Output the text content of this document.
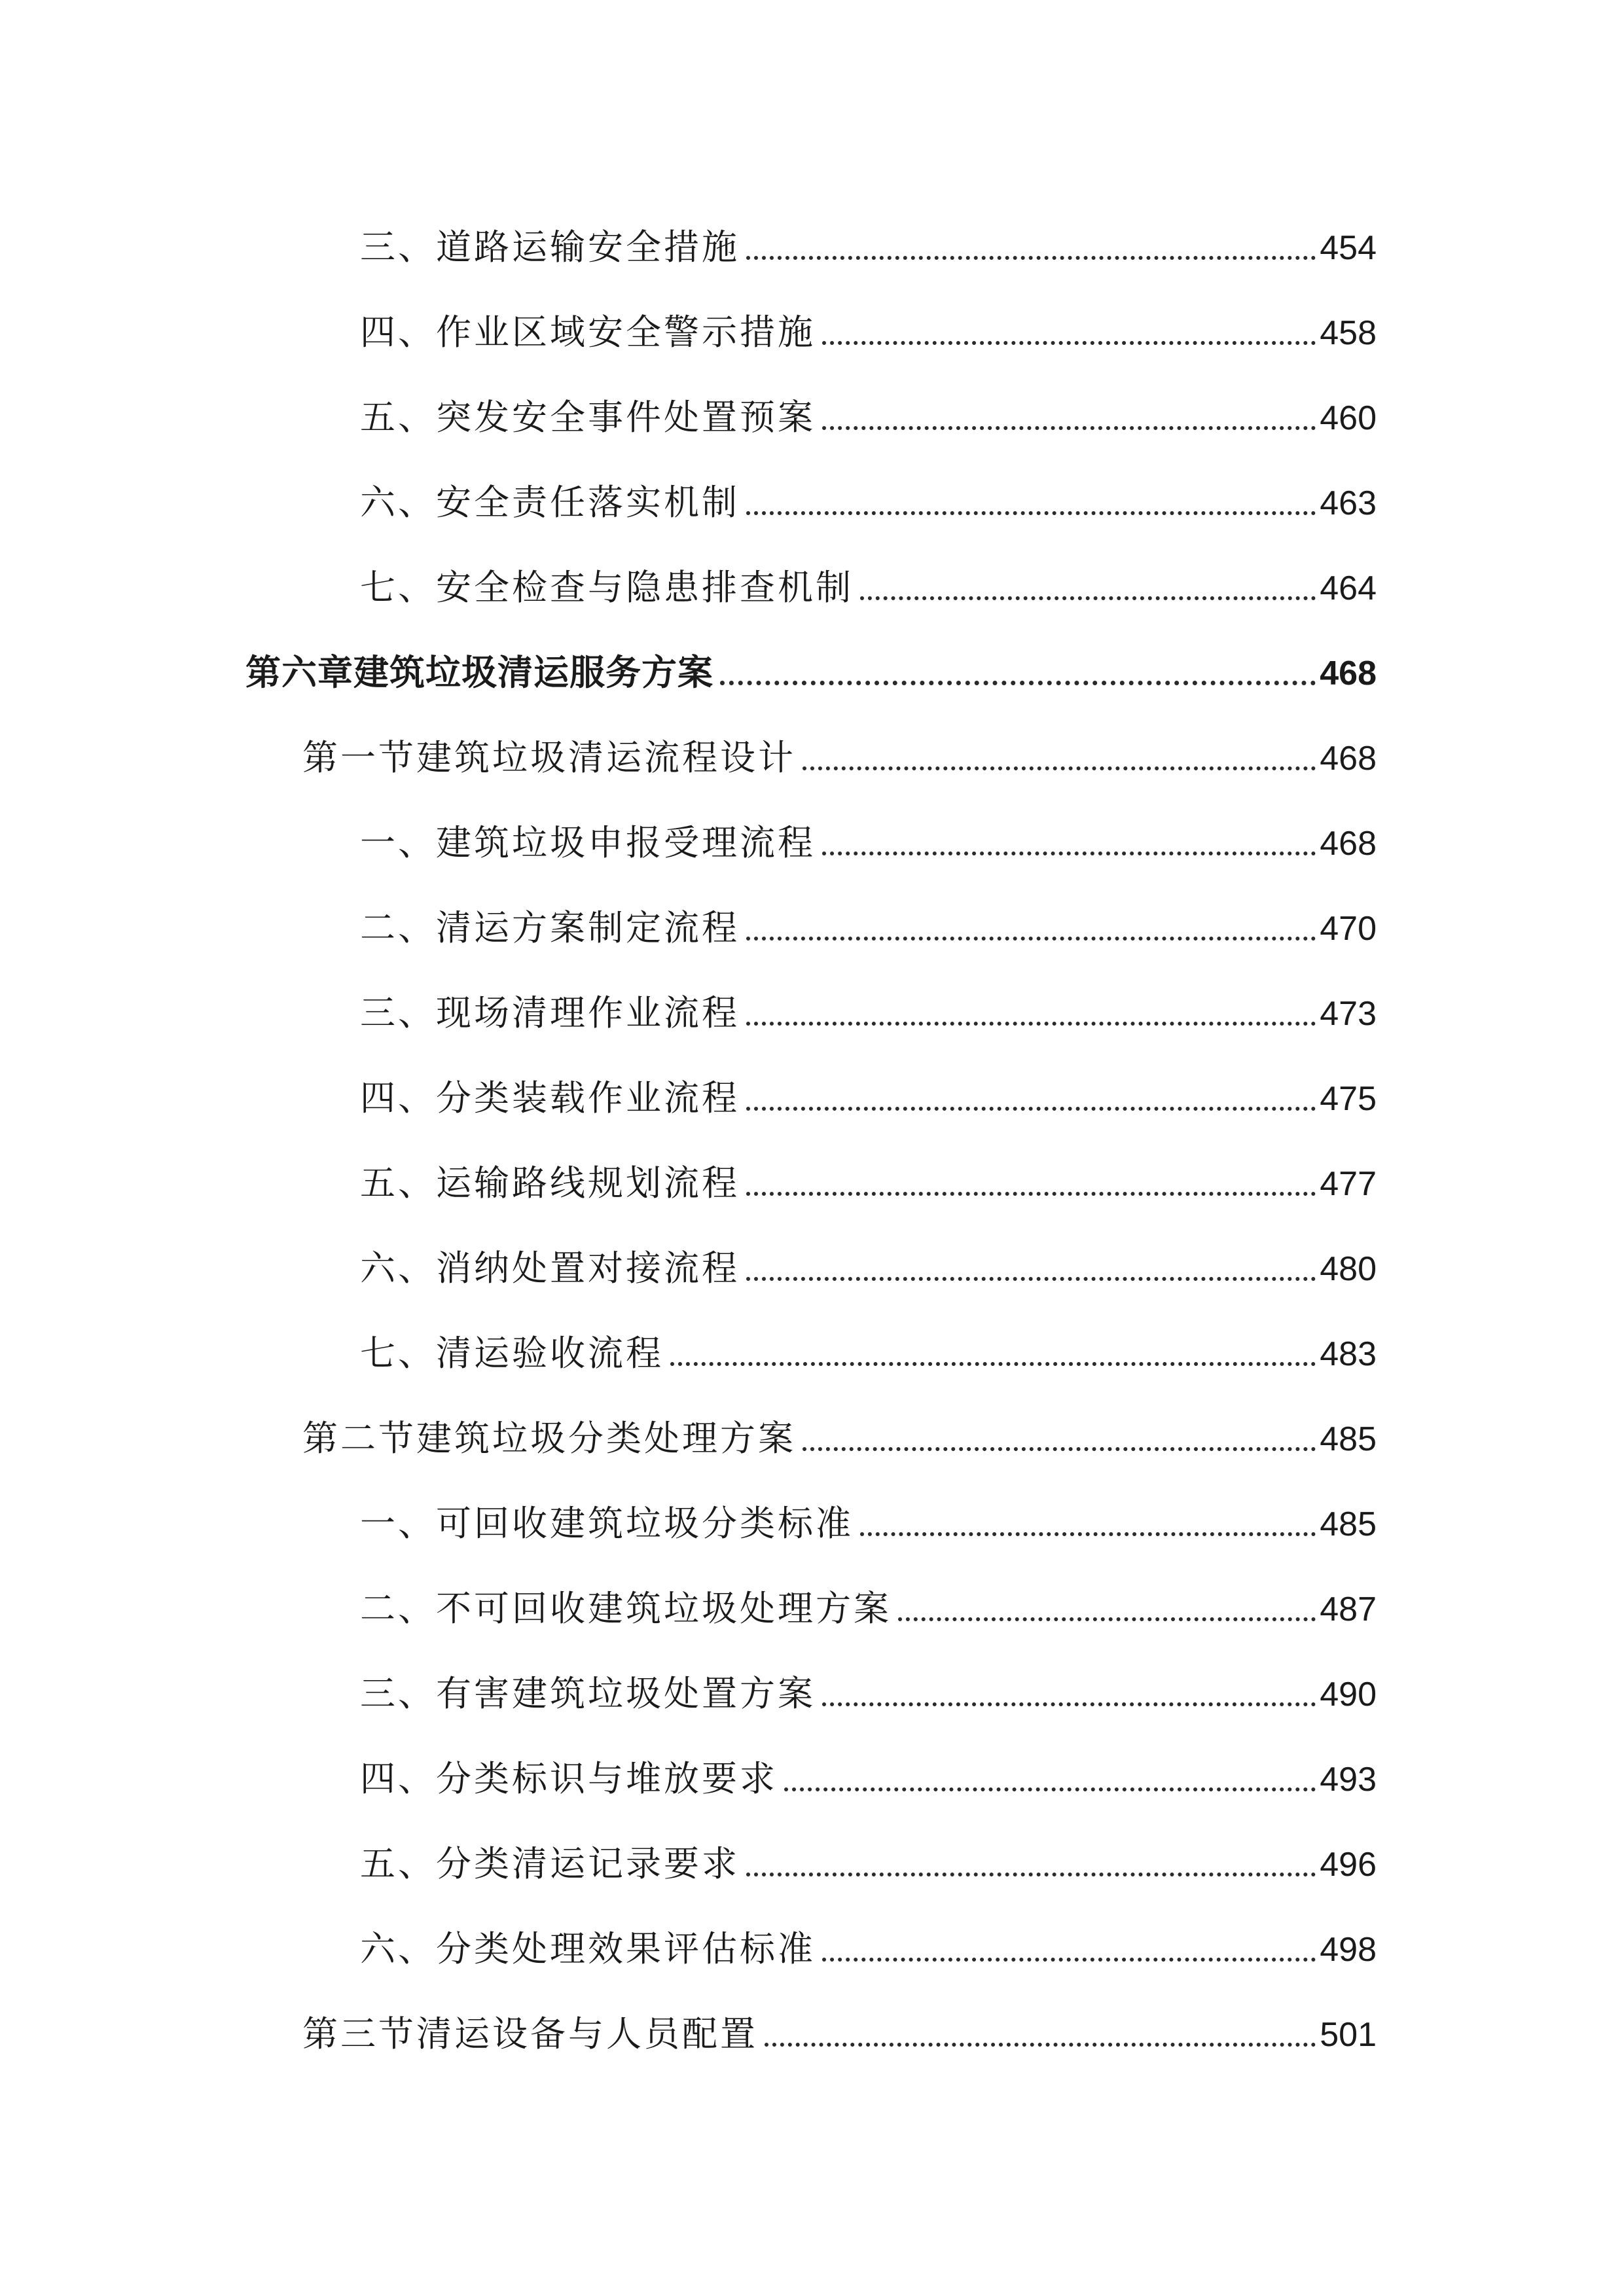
三、道路运输安全措施	454
四、作业区域安全警示措施	458
五、突发安全事件处置预案	460
六、安全责任落实机制	463
七、安全检查与隐患排查机制	464
第六章建筑垃圾清运服务方案	468
第一节建筑垃圾清运流程设计	468
一、建筑垃圾申报受理流程	468
二、清运方案制定流程	470
三、现场清理作业流程	473
四、分类装载作业流程	475
五、运输路线规划流程	477
六、消纳处置对接流程	480
七、清运验收流程	483
第二节建筑垃圾分类处理方案	485
一、可回收建筑垃圾分类标准	485
二、不可回收建筑垃圾处理方案	487
三、有害建筑垃圾处置方案	490
四、分类标识与堆放要求	493
五、分类清运记录要求	496
六、分类处理效果评估标准	498
第三节清运设备与人员配置	501
